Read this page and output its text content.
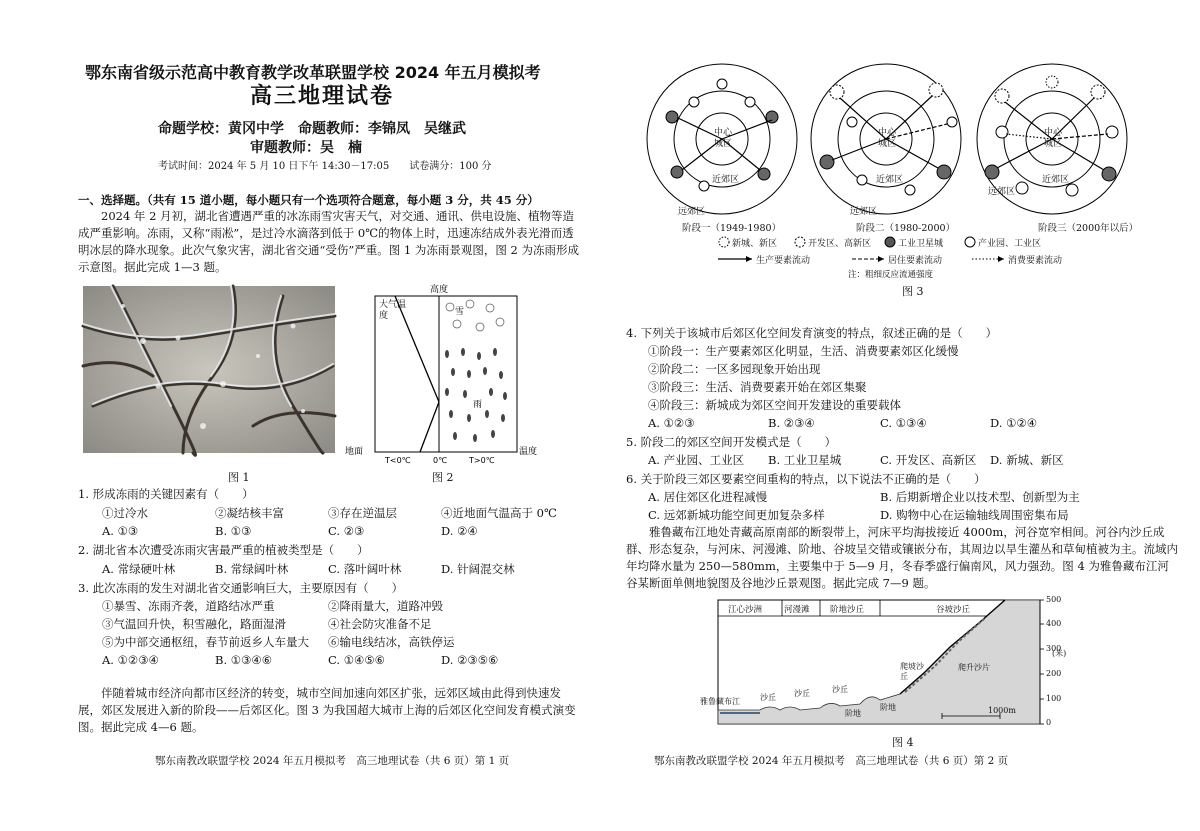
鄂东南省级示范高中教育教学改革联盟学校 2024 年五月模拟考
高三地理试卷
命题学校：黄冈中学　命题教师：李锦凤　吴继武
审题教师：吴　楠
考试时间：2024 年 5 月 10 日下午 14:30－17:05　　试卷满分：100 分
一、选择题。（共有 15 道小题，每小题只有一个选项符合题意，每小题 3 分，共 45 分）
2024 年 2 月初，湖北省遭遇严重的冰冻雨雪灾害天气，对交通、通讯、供电设施、植物等造成严重影响。冻雨，又称“雨凇”，是过冷水滴落到低于 0℃的物体上时，迅速冻结成外表光滑而透明冰层的降水现象。此次气象灾害，湖北省交通“受伤”严重。图 1 为冻雨景观图，图 2 为冻雨形成示意图。据此完成 1—3 题。
图 1
高度
雪
雨
地面	温度
T<0℃	0℃	T>0℃
大气温度
图 2
1. 形成冻雨的关键因素有（　　）
①过冷水	②凝结核丰富	③存在逆温层	④近地面气温高于 0℃
A. ①③	B. ①③	C. ②③	D. ②④
2. 湖北省本次遭受冻雨灾害最严重的植被类型是（　　）
A. 常绿硬叶林	B. 常绿阔叶林	C. 落叶阔叶林	D. 针阔混交林
3. 此次冻雨的发生对湖北省交通影响巨大，主要原因有（　　）
①暴雪、冻雨齐袭，道路结冰严重	②降雨量大，道路冲毁
③气温回升快，积雪融化，路面湿滑	④社会防灾准备不足
⑤为中部交通枢纽，春节前返乡人车量大 ⑥输电线结冰，高铁停运
A. ①②③④	B. ①③④⑥	C. ①④⑤⑥	D. ②③⑤⑥
伴随着城市经济向都市区经济的转变，城市空间加速向郊区扩张，远郊区域由此得到快速发展，郊区发展进入新的阶段——后郊区化。图 3 为我国超大城市上海的后郊区化空间发育模式演变图。据此完成 4—6 题。
鄂东南教改联盟学校 2024 年五月模拟考　高三地理试卷（共 6 页）第 1 页
中心城区
中心城区
中心城区
近郊区	近郊区	近郊区
远郊区	远郊区
远郊区
阶段一（1949-1980）	阶段二（1980-2000）	阶段三（2000年以后）
新城、新区	开发区、高新区	工业卫星城	产业园、工业区
生产要素流动	居住要素流动	消费要素流动
注：粗细反应流通强度
图 3
4. 下列关于该城市后郊区化空间发育演变的特点，叙述正确的是（　　）
①阶段一：生产要素郊区化明显，生活、消费要素郊区化缓慢
②阶段二：一区多园现象开始出现
③阶段三：生活、消费要素开始在郊区集聚
④阶段三：新城成为郊区空间开发建设的重要载体
A. ①②③	B. ②③④	C. ①③④	D. ①②④
5. 阶段二的郊区空间开发模式是（　　）
A. 产业园、工业区 B. 工业卫星城	C. 开发区、高新区 D. 新城、新区
6. 关于阶段三郊区要素空间重构的特点，以下说法不正确的是（　　）
A. 居住郊区化进程减慢	B. 后期新增企业以技术型、创新型为主
C. 远郊新城功能空间更加复杂多样	D. 购物中心在运输轴线周围密集布局
雅鲁藏布江地处青藏高原南部的断裂带上，河床平均海拔接近 4000m，河谷宽窄相间。河谷内沙丘成群、形态复杂，与河床、河漫滩、阶地、谷坡呈交错或镶嵌分布，其周边以旱生灌丛和草甸植被为主。流域内年均降水量为 250—580mm，主要集中于 5—9 月，冬春季盛行偏南风，风力强劲。图 4 为雅鲁藏布江河谷某断面单侧地貌图及谷地沙丘景观图。据此完成 7—9 题。
江心沙洲	河漫滩 阶地沙丘	谷坡沙丘
雅鲁藏布江	沙丘 沙丘	沙丘
阶地
阶地
爬坡沙丘
爬升沙片
(米)
500
400
300
200
100
0
1000m
图 4
鄂东南教改联盟学校 2024 年五月模拟考　高三地理试卷（共 6 页）第 2 页
